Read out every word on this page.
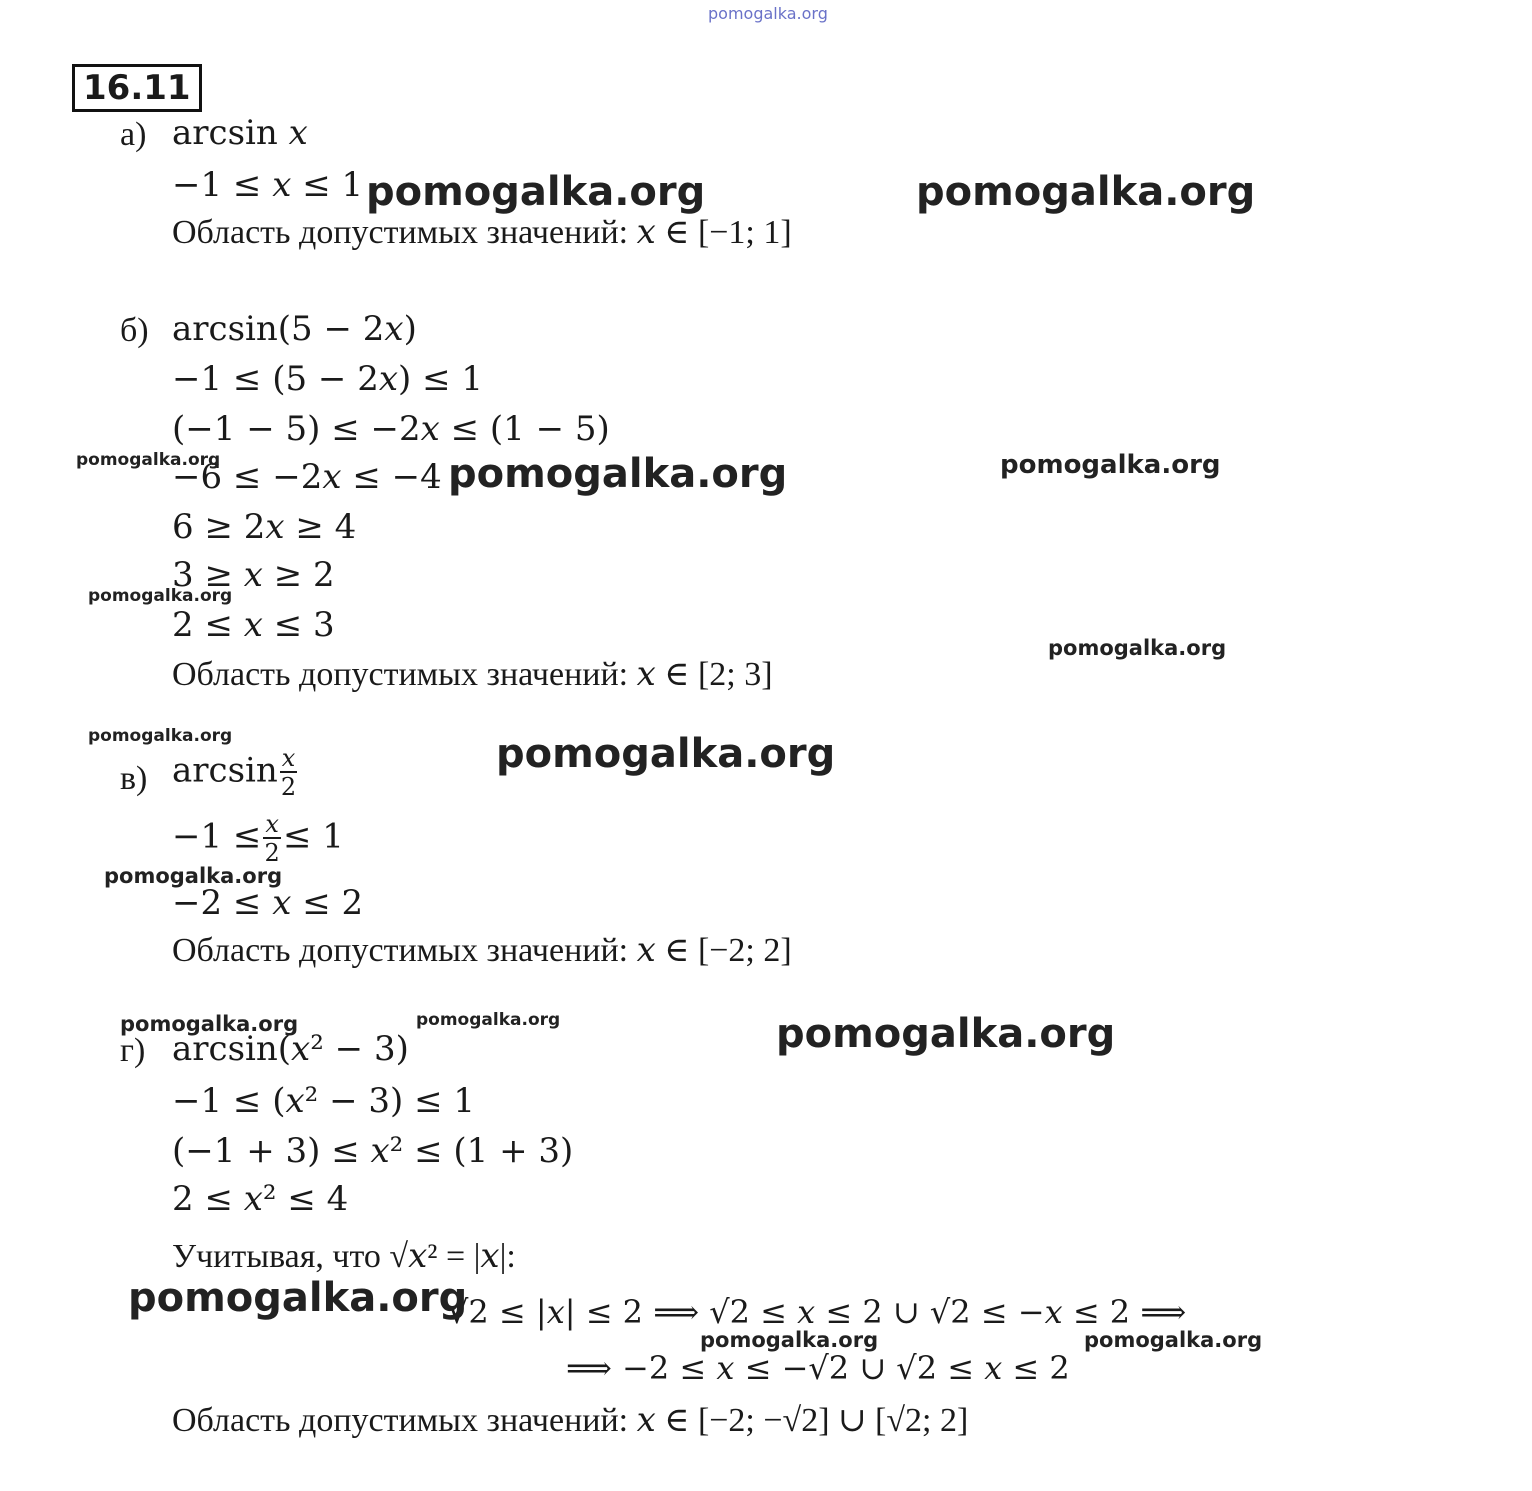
pomogalka.org
16.11
а) arcsin 𝑥
−1 ≤ 𝑥 ≤ 1
Область допустимых значений: 𝑥 ∈ [−1; 1]
б) arcsin(5 − 2𝑥)
−1 ≤ (5 − 2𝑥) ≤ 1
(−1 − 5) ≤ −2𝑥 ≤ (1 − 5)
−6 ≤ −2𝑥 ≤ −4
6 ≥ 2𝑥 ≥ 4
3 ≥ 𝑥 ≥ 2
2 ≤ 𝑥 ≤ 3
Область допустимых значений: 𝑥 ∈ [2; 3]
в) $\arcsin \frac{\text{𝑥}}{2}$
$-1 \le \frac{\text{𝑥}}{2} \le 1$
−2 ≤ 𝑥 ≤ 2
Область допустимых значений: 𝑥 ∈ [−2; 2]
г) arcsin(𝑥² − 3)
−1 ≤ (𝑥² − 3) ≤ 1
(−1 + 3) ≤ 𝑥² ≤ (1 + 3)
2 ≤ 𝑥² ≤ 4
Учитывая, что √𝑥² = |𝑥|:
√2 ≤ |𝑥| ≤ 2 ⟹ √2 ≤ 𝑥 ≤ 2 ∪ √2 ≤ −𝑥 ≤ 2 ⟹
⟹ −2 ≤ 𝑥 ≤ −√2 ∪ √2 ≤ 𝑥 ≤ 2
Область допустимых значений: 𝑥 ∈ [−2; −√2] ∪ [√2; 2]
pomogalka.org	pomogalka.org
pomogalka.org	pomogalka.org	pomogalka.org
pomogalka.org
pomogalka.org
pomogalka.org	pomogalka.org
pomogalka.org
pomogalka.org	pomogalka.org	pomogalka.org
pomogalka.org
pomogalka.org	pomogalka.org
